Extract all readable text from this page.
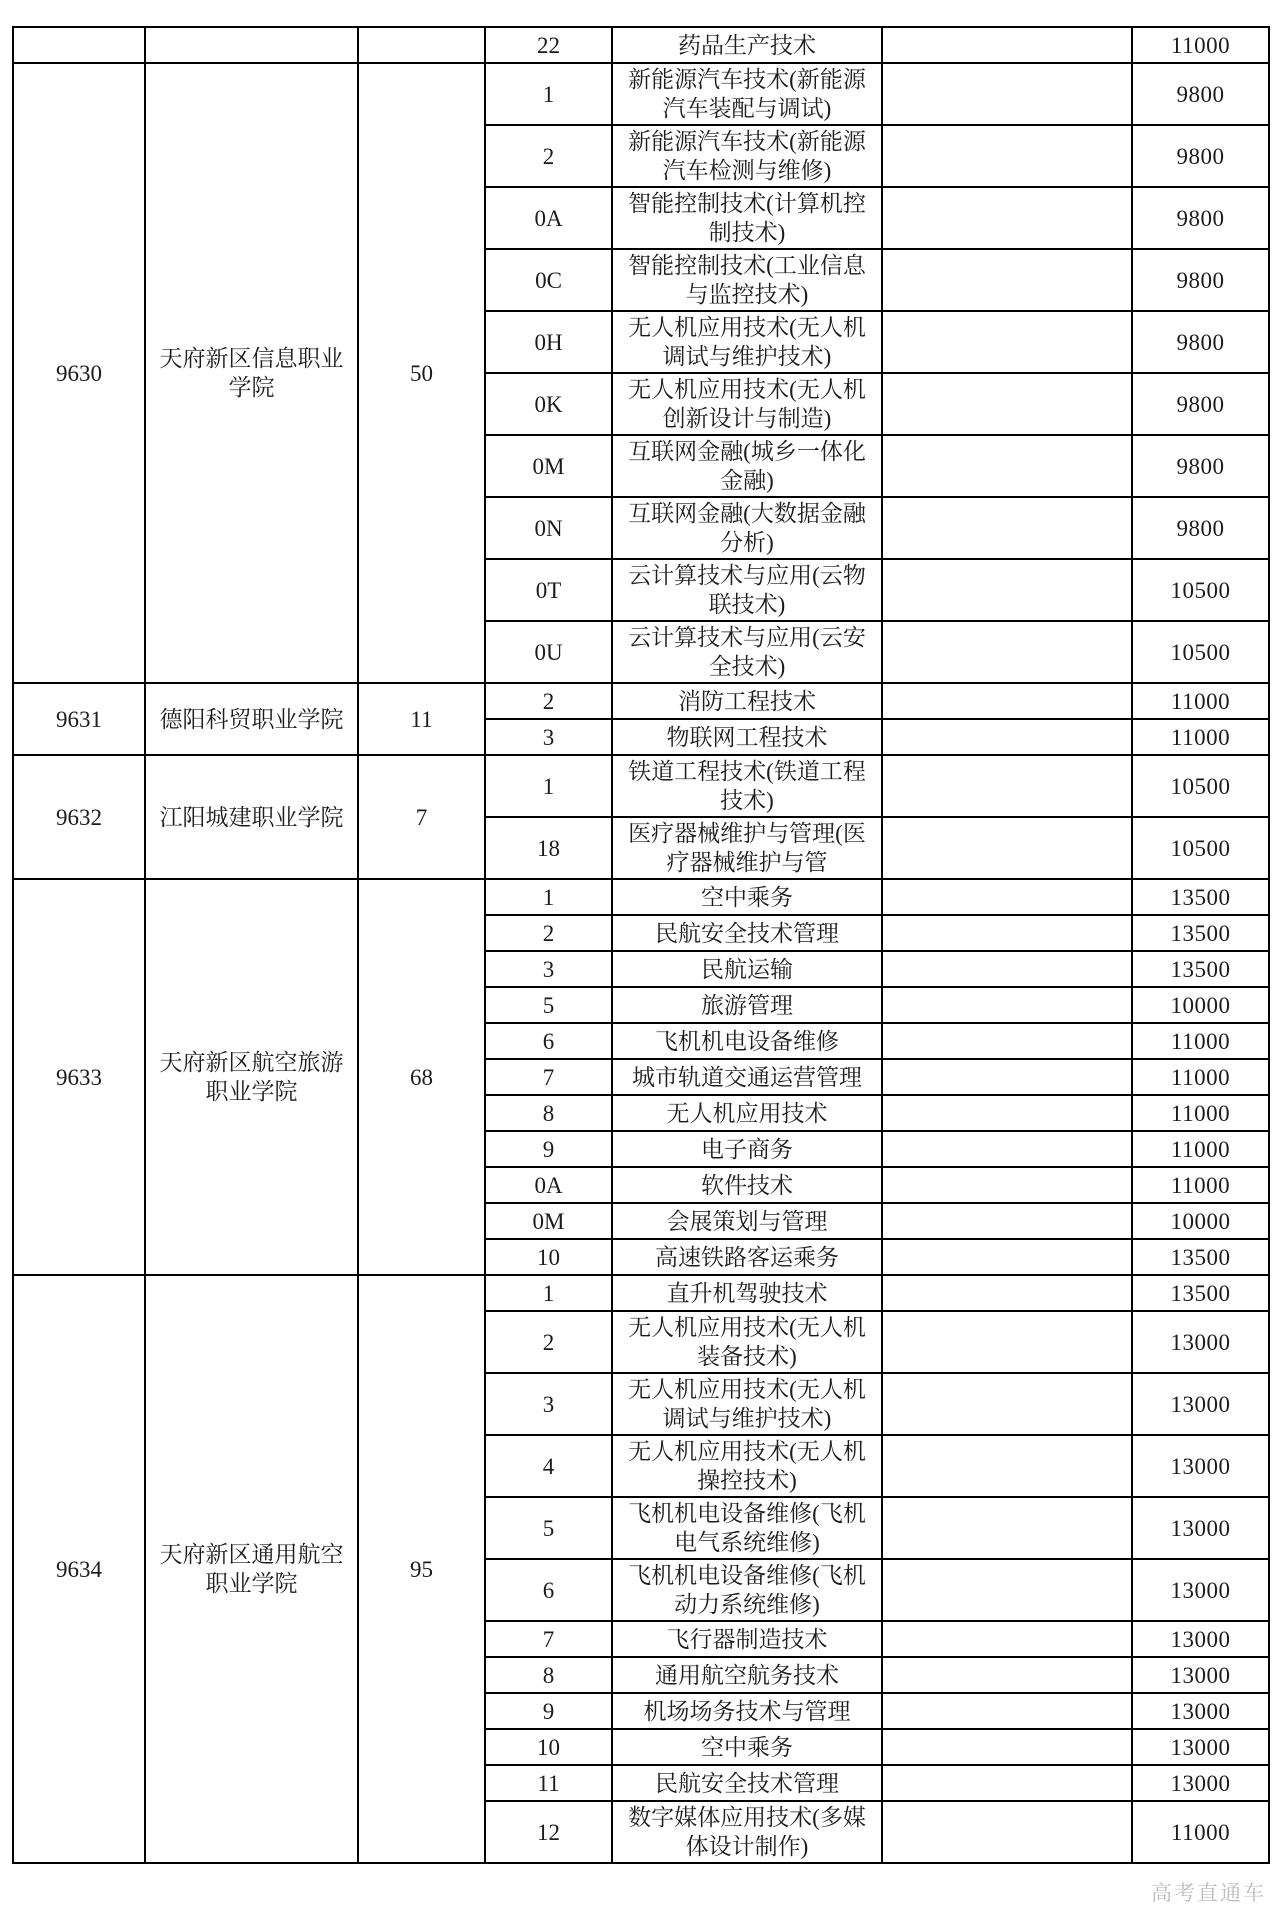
			22	药品生产技术		11000
9630	天府新区信息职业学院	50	1	新能源汽车技术(新能源汽车装配与调试)		9800
			2	新能源汽车技术(新能源汽车检测与维修)		9800
			0A	智能控制技术(计算机控制技术)		9800
			0C	智能控制技术(工业信息与监控技术)		9800
			0H	无人机应用技术(无人机调试与维护技术)		9800
			0K	无人机应用技术(无人机创新设计与制造)		9800
			0M	互联网金融(城乡一体化金融)		9800
			0N	互联网金融(大数据金融分析)		9800
			0T	云计算技术与应用(云物联技术)		10500
			0U	云计算技术与应用(云安全技术)		10500
9631	德阳科贸职业学院	11	2	消防工程技术		11000
			3	物联网工程技术		11000
9632	江阳城建职业学院	7	1	铁道工程技术(铁道工程技术)		10500
			18	医疗器械维护与管理(医疗器械维护与管		10500
9633	天府新区航空旅游职业学院	68	1	空中乘务		13500
			2	民航安全技术管理		13500
			3	民航运输		13500
			5	旅游管理		10000
			6	飞机机电设备维修		11000
			7	城市轨道交通运营管理		11000
			8	无人机应用技术		11000
			9	电子商务		11000
			0A	软件技术		11000
			0M	会展策划与管理		10000
			10	高速铁路客运乘务		13500
9634	天府新区通用航空职业学院	95	1	直升机驾驶技术		13500
			2	无人机应用技术(无人机装备技术)		13000
			3	无人机应用技术(无人机调试与维护技术)		13000
			4	无人机应用技术(无人机操控技术)		13000
			5	飞机机电设备维修(飞机电气系统维修)		13000
			6	飞机机电设备维修(飞机动力系统维修)		13000
			7	飞行器制造技术		13000
			8	通用航空航务技术		13000
			9	机场场务技术与管理		13000
			10	空中乘务		13000
			11	民航安全技术管理		13000
			12	数字媒体应用技术(多媒体设计制作)		11000
高考直通车
